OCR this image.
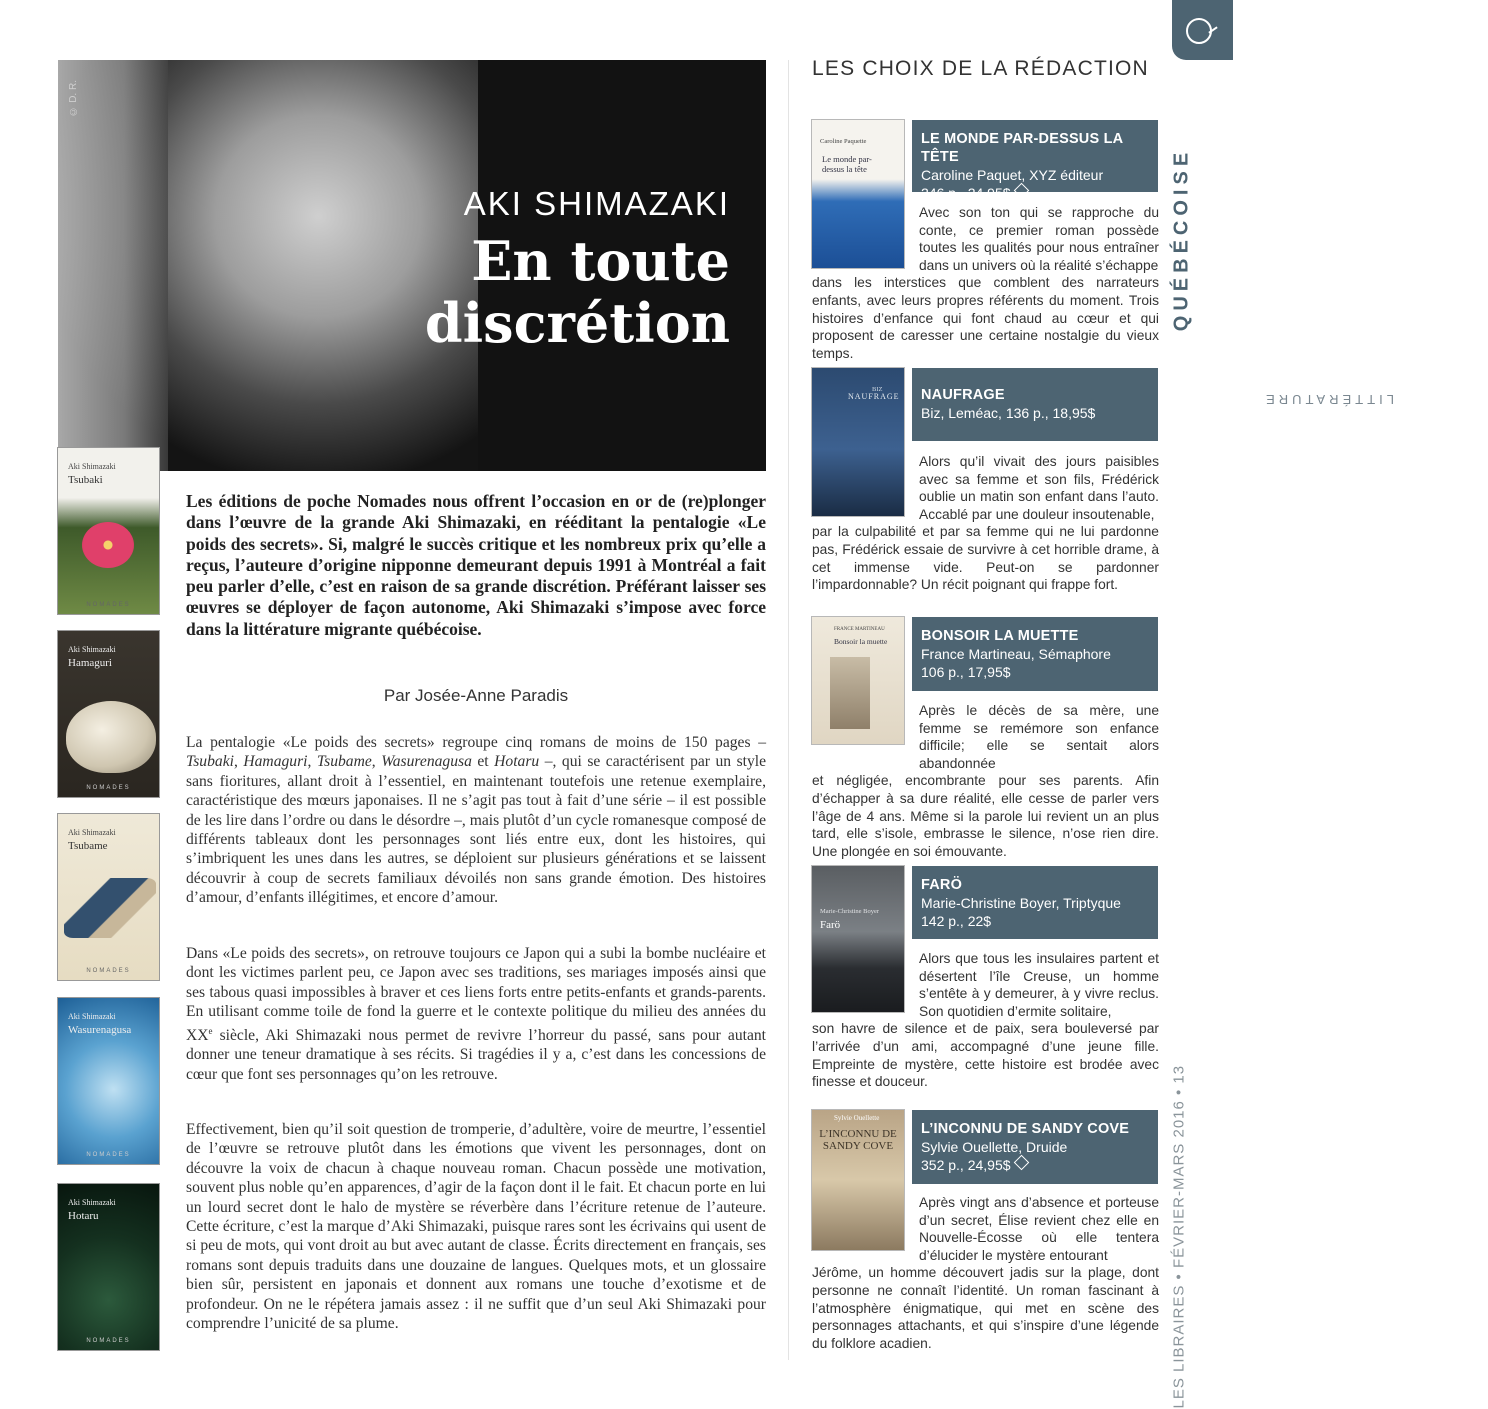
LITTÉRATURE
QUÉBÉCOISE
LES LIBRAIRES • FÉVRIER-MARS 2016 • 13
© D. R.
AKI SHIMAZAKI
En toute
discrétion
Aki Shimazaki
Tsubaki
NOMADES
Aki Shimazaki
Hamaguri
NOMADES
Aki Shimazaki
Tsubame
NOMADES
Aki Shimazaki
Wasurenagusa
NOMADES
Aki Shimazaki
Hotaru
NOMADES
Les éditions de poche Nomades nous offrent l’occasion en or de (re)plonger dans l’œuvre de la grande Aki Shimazaki, en rééditant la pentalogie «Le poids des secrets». Si, malgré le succès critique et les nombreux prix qu’elle a reçus, l’auteure d’origine nipponne demeurant depuis 1991 à Montréal a fait peu parler d’elle, c’est en raison de sa grande discrétion. Préférant laisser ses œuvres se déployer de façon autonome, Aki Shimazaki s’impose avec force dans la littérature migrante québécoise.
Par Josée-Anne Paradis
La pentalogie «Le poids des secrets» regroupe cinq romans de moins de 150 pages – Tsubaki, Hamaguri, Tsubame, Wasurenagusa et Hotaru –, qui se caractérisent par un style sans fioritures, allant droit à l’essentiel, en maintenant toutefois une retenue exemplaire, caractéristique des mœurs japonaises. Il ne s’agit pas tout à fait d’une série – il est possible de les lire dans l’ordre ou dans le désordre –, mais plutôt d’un cycle romanesque composé de différents tableaux dont les personnages sont liés entre eux, dont les histoires, qui s’imbriquent les unes dans les autres, se déploient sur plusieurs générations et se laissent découvrir à coup de secrets familiaux dévoilés non sans grande émotion. Des histoires d’amour, d’enfants illégitimes, et encore d’amour.
Dans «Le poids des secrets», on retrouve toujours ce Japon qui a subi la bombe nucléaire et dont les victimes parlent peu, ce Japon avec ses traditions, ses mariages imposés ainsi que ses tabous quasi impossibles à braver et ces liens forts entre petits-enfants et grands-parents. En utilisant comme toile de fond la guerre et le contexte politique du milieu des années du XXe siècle, Aki Shimazaki nous permet de revivre l’horreur du passé, sans pour autant donner une teneur dramatique à ses récits. Si tragédies il y a, c’est dans les concessions de cœur que font ses personnages qu’on les retrouve.
Effectivement, bien qu’il soit question de tromperie, d’adultère, voire de meurtre, l’essentiel de l’œuvre se retrouve plutôt dans les émotions que vivent les personnages, dont on découvre la voix de chacun à chaque nouveau roman. Chacun possède une motivation, souvent plus noble qu’en apparences, d’agir de la façon dont il le fait. Et chacun porte en lui un lourd secret dont le halo de mystère se réverbère dans l’écriture retenue de l’auteure. Cette écriture, c’est la marque d’Aki Shimazaki, puisque rares sont les écrivains qui usent de si peu de mots, qui vont droit au but avec autant de classe. Écrits directement en français, ses romans sont depuis traduits dans une douzaine de langues. Quelques mots, et un glossaire bien sûr, persistent en japonais et donnent aux romans une touche d’exotisme et de profondeur. On ne le répétera jamais assez : il ne suffit que d’un seul Aki Shimazaki pour comprendre l’unicité de sa plume.
LES CHOIX DE LA RÉDACTION
Caroline Paquette
Le monde par-dessus la tête
LE MONDE PAR-DESSUS LA TÊTE
Caroline Paquet, XYZ éditeur
246 p., 24,95$
Avec son ton qui se rapproche du conte, ce premier roman possède toutes les qualités pour nous entraîner dans un univers où la réalité s’échappe
dans les interstices que comblent des narrateurs enfants, avec leurs propres référents du moment. Trois histoires d’enfance qui font chaud au cœur et qui proposent de caresser une certaine nostalgie du vieux temps.
BIZ
NAUFRAGE NAUFRAGE
Biz, Leméac, 136 p., 18,95$
Alors qu’il vivait des jours paisibles avec sa femme et son fils, Frédérick oublie un matin son enfant dans l’auto. Accablé par une douleur insoutenable,
par la culpabilité et par sa femme qui ne lui pardonne pas, Frédérick essaie de survivre à cet horrible drame, à cet immense vide. Peut-on se pardonner l’impardonnable? Un récit poignant qui frappe fort.
FRANCE MARTINEAU
Bonsoir la muette BONSOIR LA MUETTE
France Martineau, Sémaphore
106 p., 17,95$
Après le décès de sa mère, une femme se remémore son enfance difficile; elle se sentait alors abandonnée
et négligée, encombrante pour ses parents. Afin d’échapper à sa dure réalité, elle cesse de parler vers l’âge de 4 ans. Même si la parole lui revient un an plus tard, elle s’isole, embrasse le silence, n’ose rien dire. Une plongée en soi émouvante.
Marie-Christine Boyer
Farö
FARÖ
Marie-Christine Boyer, Triptyque
142 p., 22$
Alors que tous les insulaires partent et désertent l’île Creuse, un homme s’entête à y demeurer, à y vivre reclus. Son quotidien d’ermite solitaire,
son havre de silence et de paix, sera bouleversé par l’arrivée d’un ami, accompagné d’une jeune fille. Empreinte de mystère, cette histoire est brodée avec finesse et douceur.
Sylvie Ouellette
L’INCONNU DE SANDY COVE
L’INCONNU DE SANDY COVE
Sylvie Ouellette, Druide
352 p., 24,95$
Après vingt ans d’absence et porteuse d’un secret, Élise revient chez elle en Nouvelle-Écosse où elle tentera d’élucider le mystère entourant
Jérôme, un homme découvert jadis sur la plage, dont personne ne connaît l’identité. Un roman fascinant à l’atmosphère énigmatique, qui met en scène des personnages attachants, et qui s’inspire d’une légende du folklore acadien.
